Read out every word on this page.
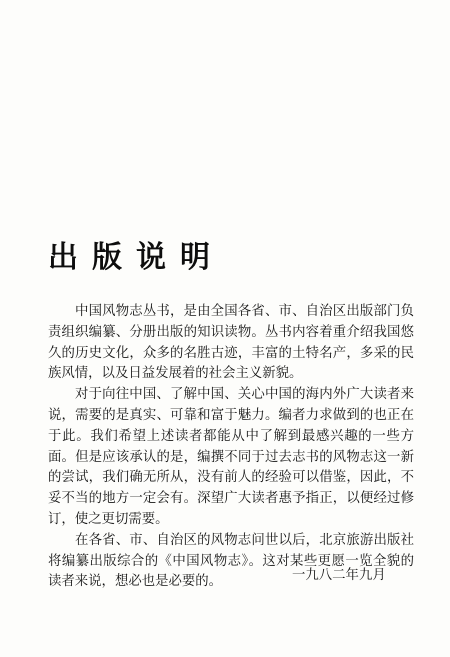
出版说明

中国风物志丛书，是由全国各省、市、自治区出版部门负责组织编纂、分册出版的知识读物。丛书内容着重介绍我国悠久的历史文化，众多的名胜古迹，丰富的土特名产，多采的民族风情，以及日益发展着的社会主义新貌。

对于向往中国、了解中国、关心中国的海内外广大读者来说，需要的是真实、可靠和富于魅力。编者力求做到的也正在于此。我们希望上述读者都能从中了解到最感兴趣的一些方面。但是应该承认的是，编撰不同于过去志书的风物志这一新的尝试，我们确无所从，没有前人的经验可以借鉴，因此，不妥不当的地方一定会有。深望广大读者惠予指正，以便经过修订，使之更切需要。

在各省、市、自治区的风物志问世以后，北京旅游出版社将编纂出版综合的《中国风物志》。这对某些更愿一览全貌的读者来说，想必也是必要的。	一九八二年九月
